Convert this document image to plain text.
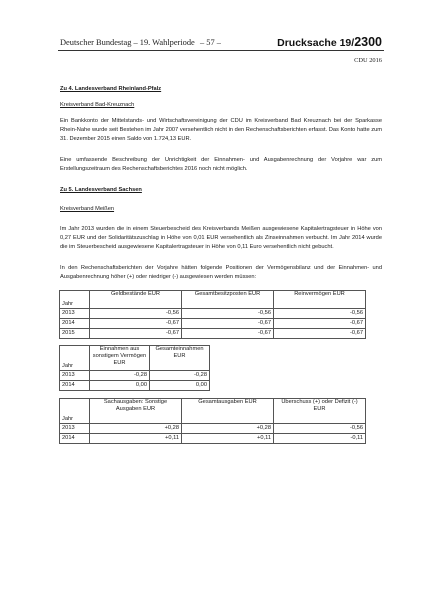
Deutscher Bundestag – 19. Wahlperiode – 57 –	Drucksache 19/2300
CDU 2016

Zu 4. Landesverband Rheinland-Pfalz

Kreisverband Bad-Kreuznach

Ein Bankkonto der Mittelstands- und Wirtschaftsvereinigung der CDU im Kreisverband Bad Kreuznach bei der Sparkasse Rhein-Nahe wurde seit Bestehen im Jahr 2007 versehentlich nicht in den Rechenschaftsberichten erfasst. Das Konto hatte zum 31. Dezember 2015 einen Saldo von 1.724,13 EUR.

Eine umfassende Beschreibung der Unrichtigkeit der Einnahmen- und Ausgabenrechnung der Vorjahre war zum Erstellungszeitraum des Rechenschaftsberichtes 2016 noch nicht möglich.

Zu 5. Landesverband Sachsen

Kreisverband Meißen

Im Jahr 2013 wurden die in einem Steuerbescheid des Kreisverbands Meißen ausgewiesene Kapitalertragsteuer in Höhe von 0,27 EUR und der Solidaritätszuschlag in Höhe von 0,01 EUR versehentlich als Zinseinnahmen verbucht. Im Jahr 2014 wurde die im Steuerbescheid ausgewiesene Kapitalertragsteuer in Höhe von 0,11 Euro versehentlich nicht gebucht.

In den Rechenschaftsberichten der Vorjahre hätten folgende Positionen der Vermögensbilanz und der Einnahmen- und Ausgabenrechnung höher (+) oder niedriger (-) ausgewiesen werden müssen:

Jahr	Geldbestände EUR	Gesamtbesitzposten EUR	Reinvermögen EUR
2013	-0,56	-0,56	-0,56
2014	-0,67	-0,67	-0,67
2015	-0,67	-0,67	-0,67
Jahr	Einnahmen aus sonstigem Vermögen EUR	Gesamteinnahmen EUR
2013	-0,28	-0,28
2014	0,00	0,00
Jahr	Sachausgaben: Sonstige Ausgaben EUR	Gesamtausgaben EUR	Überschuss (+) oder Defizit (-) EUR
2013	+0,28	+0,28	-0,56
2014	+0,11	+0,11	-0,11
